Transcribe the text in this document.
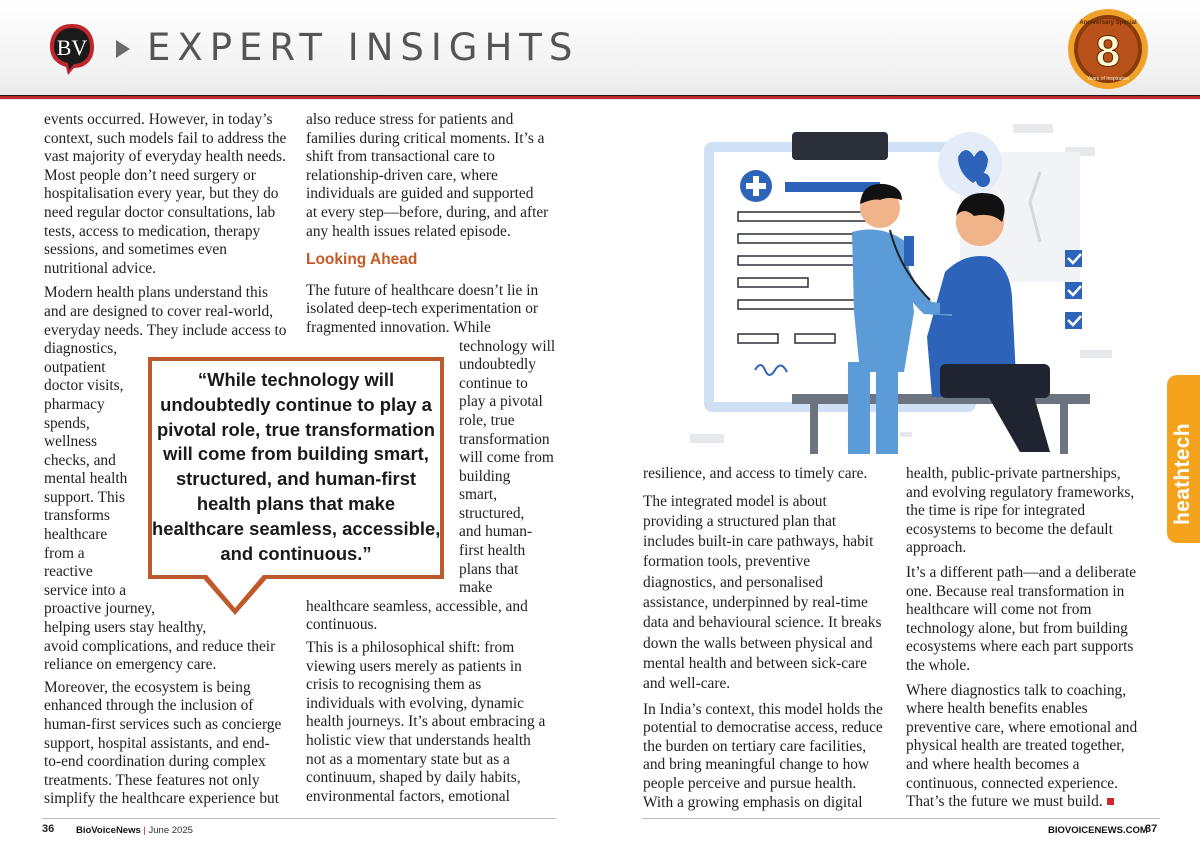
BV EXPERT INSIGHTS
Anniversary Special
8
Years of Inspiration

events occurred. However, in today’s
context, such models fail to address the
vast majority of everyday health needs.
Most people don’t need surgery or
hospitalisation every year, but they do
need regular doctor consultations, lab
tests, access to medication, therapy
sessions, and sometimes even
nutritional advice.

Modern health plans understand this
and are designed to cover real-world,
everyday needs. They include access to
diagnostics,
outpatient
doctor visits,
pharmacy
spends,
wellness
checks, and
mental health
support. This
transforms
healthcare
from a
reactive
service into a
proactive journey,
helping users stay healthy,
avoid complications, and reduce their
reliance on emergency care.

Moreover, the ecosystem is being
enhanced through the inclusion of
human-first services such as concierge
support, hospital assistants, and end-
to-end coordination during complex
treatments. These features not only
simplify the healthcare experience but

also reduce stress for patients and
families during critical moments. It’s a
shift from transactional care to
relationship-driven care, where
individuals are guided and supported
at every step—before, during, and after
any health issues related episode.

Looking Ahead

The future of healthcare doesn’t lie in
isolated deep-tech experimentation or
fragmented innovation. While
technology will
undoubtedly
continue to
play a pivotal
role, true
transformation
will come from
building
smart,
structured,
and human-
first health
plans that
make
healthcare seamless, accessible, and
continuous.

This is a philosophical shift: from
viewing users merely as patients in
crisis to recognising them as
individuals with evolving, dynamic
health journeys. It’s about embracing a
holistic view that understands health
not as a momentary state but as a
continuum, shaped by daily habits,
environmental factors, emotional

“While technology will
undoubtedly continue to play a
pivotal role, true transformation
will come from building smart,
structured, and human-first
health plans that make
healthcare seamless, accessible,
and continuous.”

resilience, and access to timely care.

The integrated model is about
providing a structured plan that
includes built-in care pathways, habit
formation tools, preventive
diagnostics, and personalised
assistance, underpinned by real-time
data and behavioural science. It breaks
down the walls between physical and
mental health and between sick-care
and well-care.

In India’s context, this model holds the
potential to democratise access, reduce
the burden on tertiary care facilities,
and bring meaningful change to how
people perceive and pursue health.
With a growing emphasis on digital

health, public-private partnerships,
and evolving regulatory frameworks,
the time is ripe for integrated
ecosystems to become the default
approach.

It’s a different path—and a deliberate
one. Because real transformation in
healthcare will come not from
technology alone, but from building
ecosystems where each part supports
the whole.

Where diagnostics talk to coaching,
where health benefits enables
preventive care, where emotional and
physical health are treated together,
and where health becomes a
continuous, connected experience.
That’s the future we must build.

heathtech
36 BioVoiceNews | June 2025	BIOVOICENEWS.COM
37
